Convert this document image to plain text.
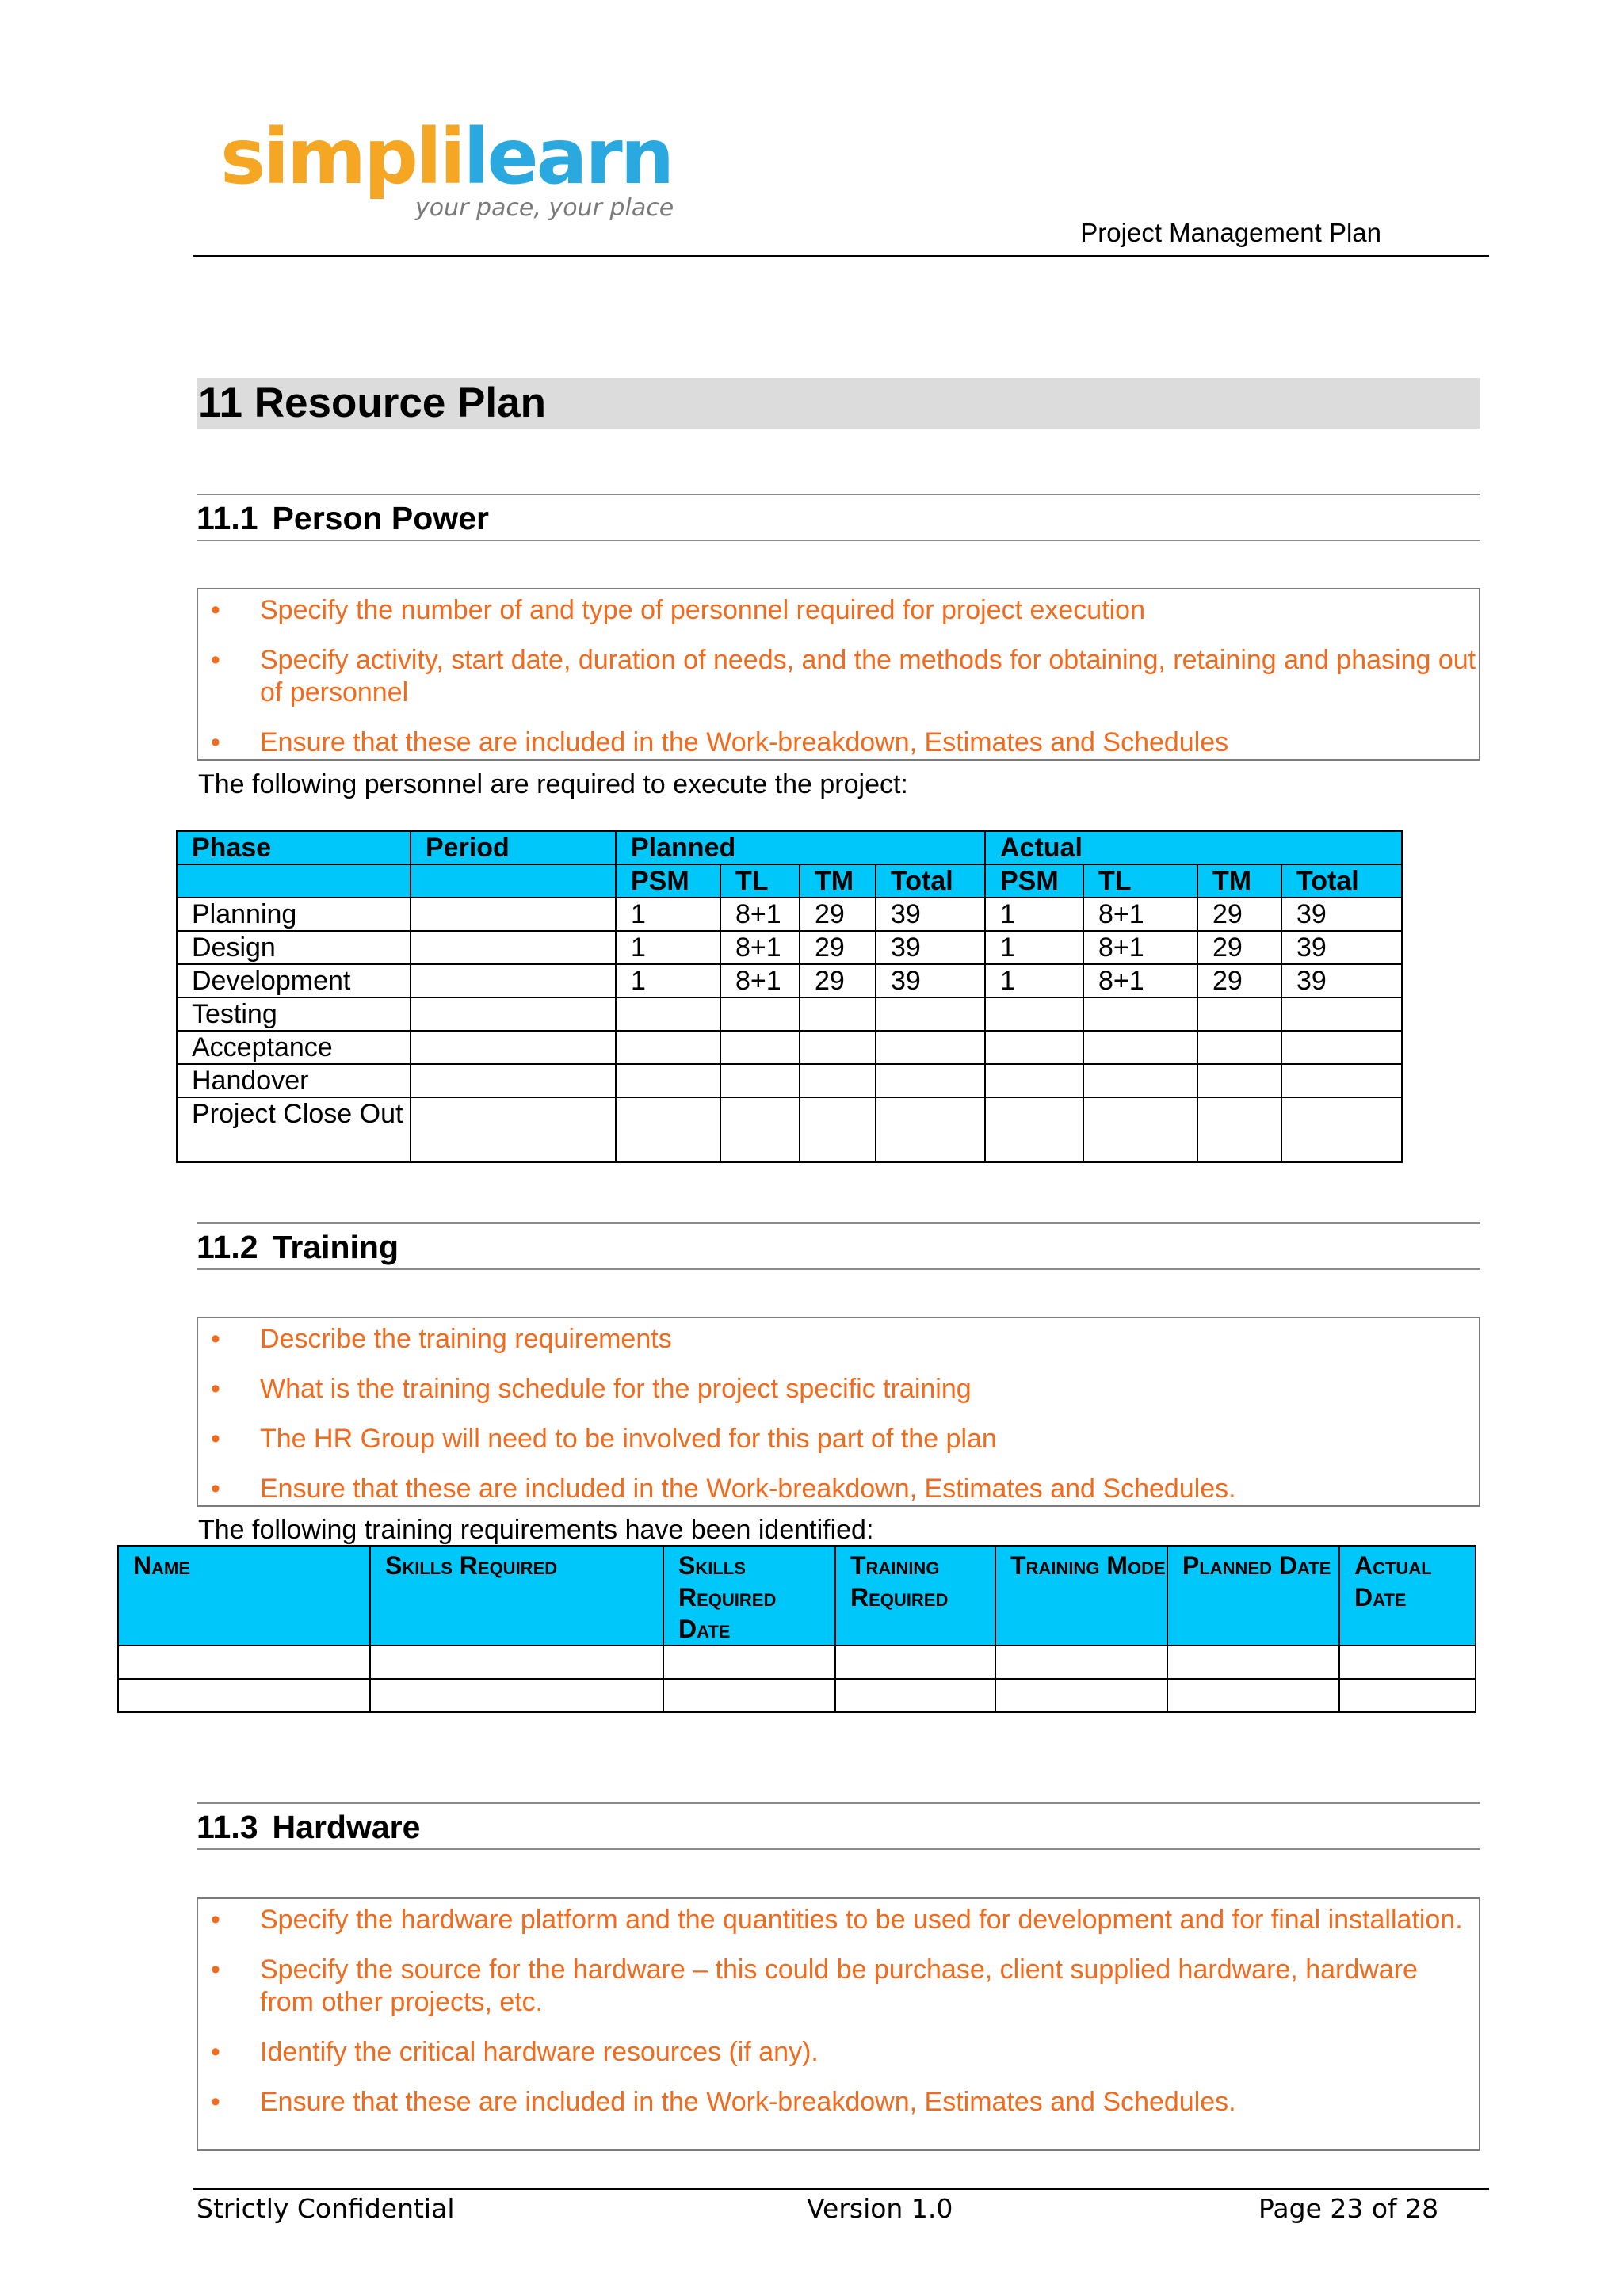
simplilearn
your pace, your place
Project Management Plan
11 Resource Plan
11.1 Person Power
• Specify the number of and type of personnel required for project execution
• Specify activity, start date, duration of needs, and the methods for obtaining, retaining and phasing out of personnel
• Ensure that these are included in the Work-breakdown, Estimates and Schedules
The following personnel are required to execute the project:
Phase	Period	Planned				Actual			
		PSM	TL	TM	Total	PSM	TL	TM	Total
Planning		1	8+1	29	39	1	8+1	29	39
Design		1	8+1	29	39	1	8+1	29	39
Development		1	8+1	29	39	1	8+1	29	39
Testing									
Acceptance									
Handover									
Project Close Out									
11.2 Training
• Describe the training requirements
• What is the training schedule for the project specific training
• The HR Group will need to be involved for this part of the plan
• Ensure that these are included in the Work-breakdown, Estimates and Schedules.
The following training requirements have been identified:
Name	Skills Required	Skills Required Date	Training Required	Training Mode	Planned Date	Actual Date

11.3 Hardware
• Specify the hardware platform and the quantities to be used for development and for final installation.
• Specify the source for the hardware – this could be purchase, client supplied hardware, hardware from other projects, etc.
• Identify the critical hardware resources (if any).
• Ensure that these are included in the Work-breakdown, Estimates and Schedules.
Strictly Confidential	Version 1.0	Page 23 of 28
